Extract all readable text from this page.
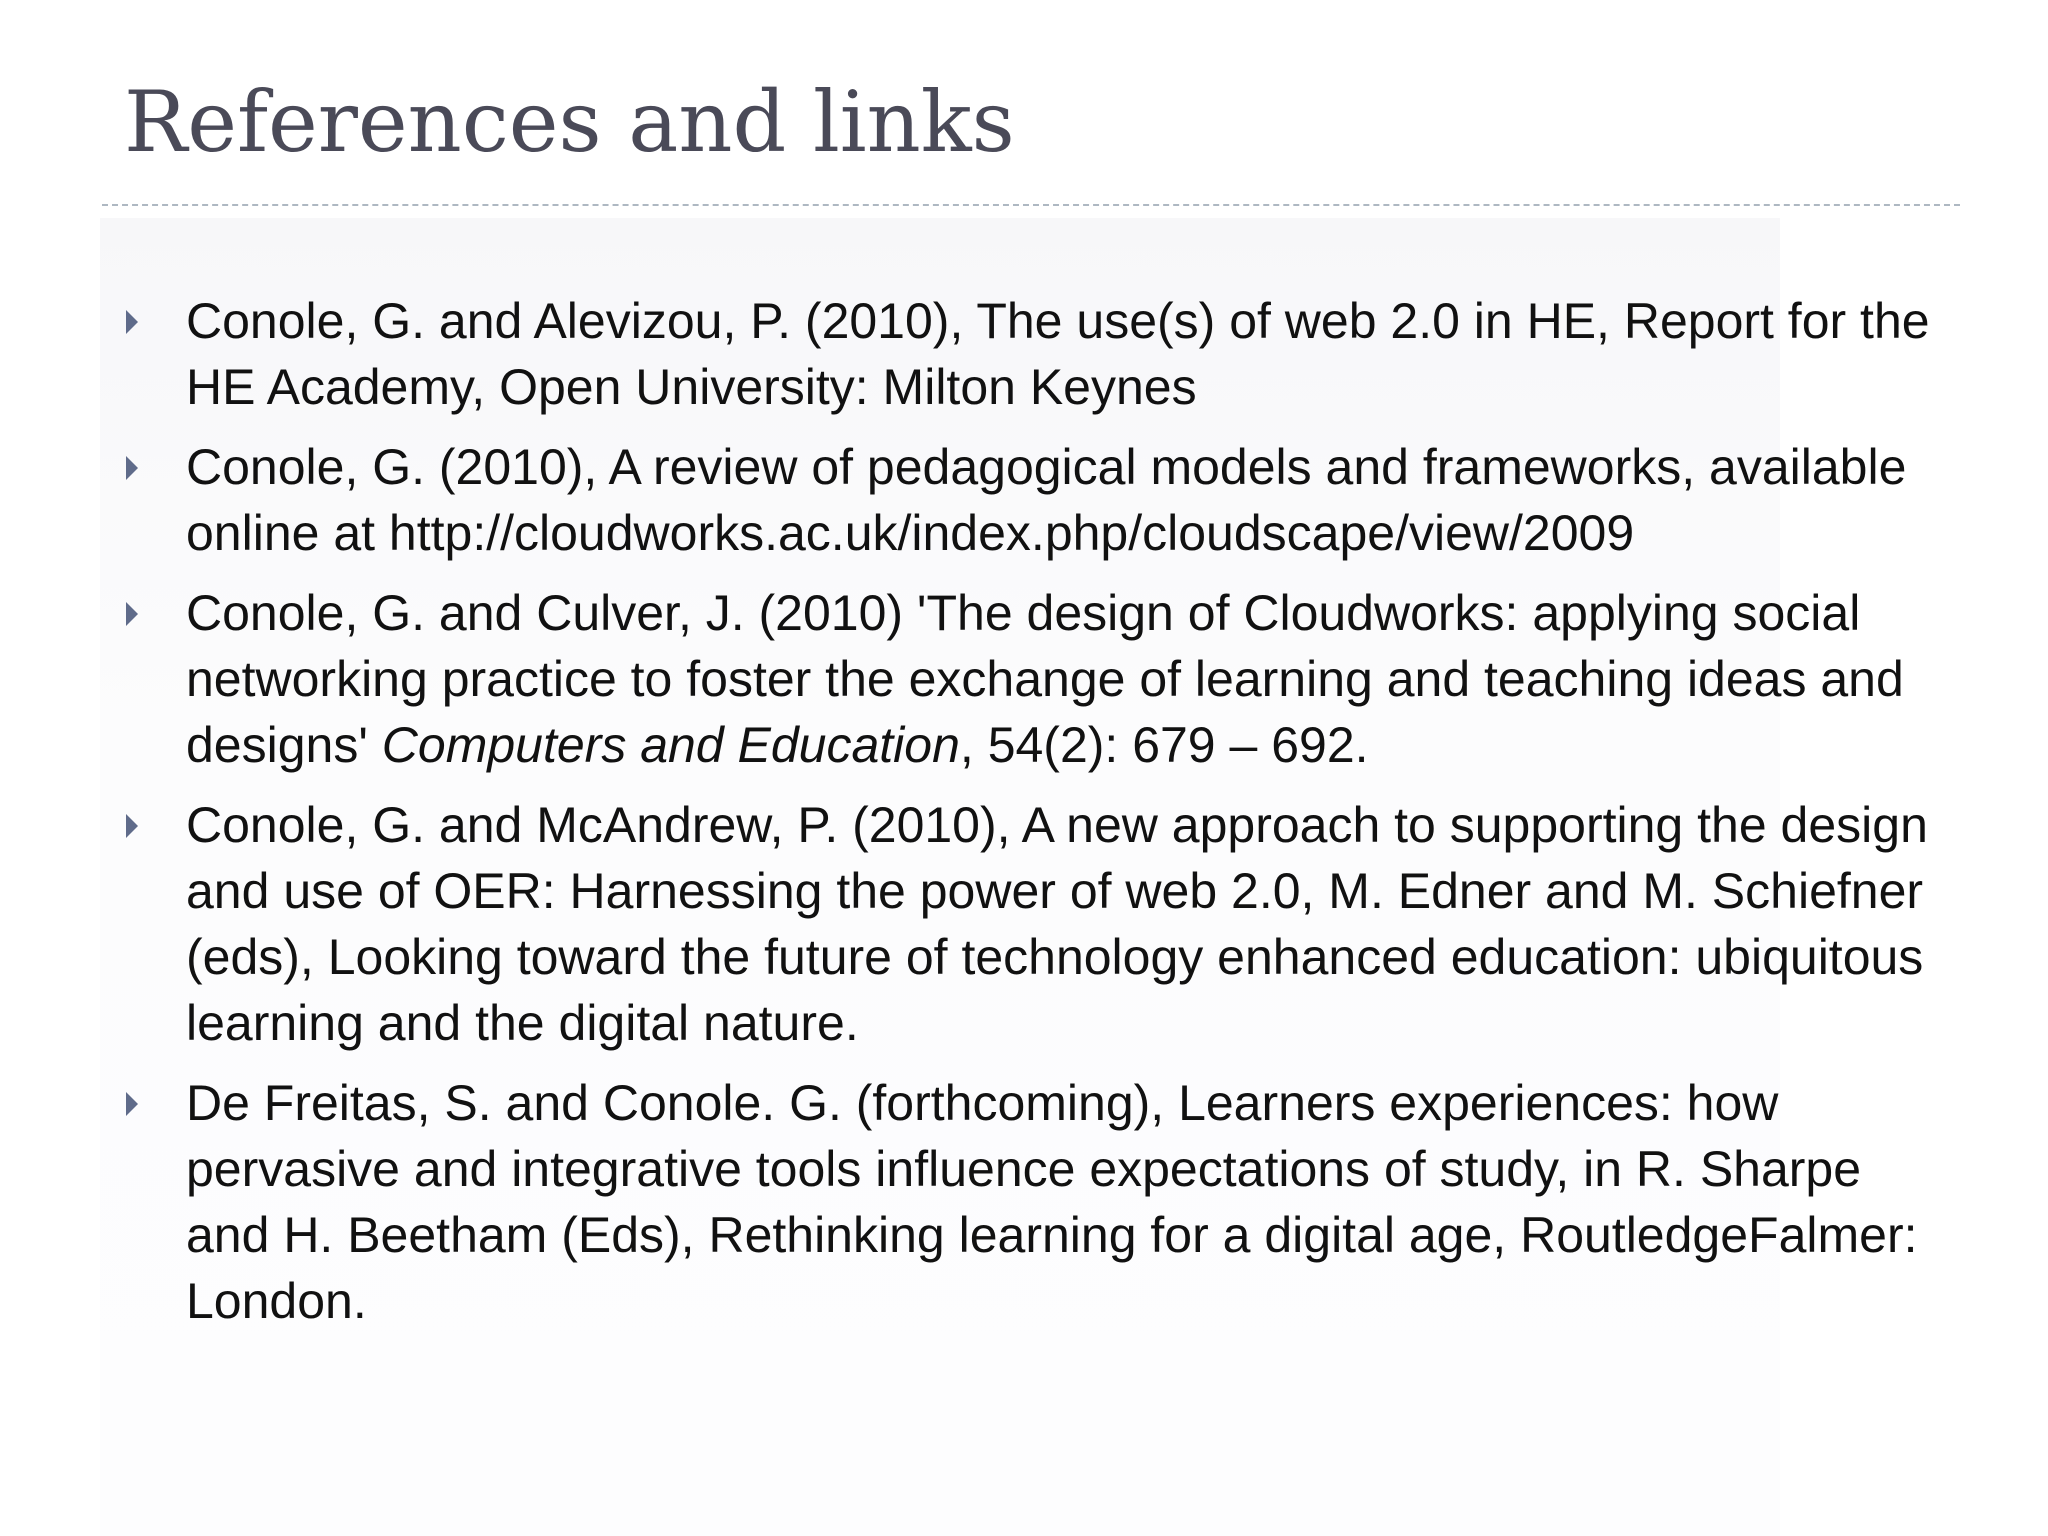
References and links
Conole, G. and Alevizou, P. (2010), The use(s) of web 2.0 in HE, Report for the HE Academy, Open University: Milton Keynes
Conole, G. (2010), A review of pedagogical models and frameworks, available online at http://cloudworks.ac.uk/index.php/cloudscape/view/2009
Conole, G. and Culver, J. (2010) 'The design of Cloudworks: applying social networking practice to foster the exchange of learning and teaching ideas and designs' Computers and Education, 54(2): 679 – 692.
Conole, G. and McAndrew, P. (2010), A new approach to supporting the design and use of OER: Harnessing the power of web 2.0, M. Edner and M. Schiefner (eds), Looking toward the future of technology enhanced education: ubiquitous learning and the digital nature.
De Freitas, S. and Conole. G. (forthcoming), Learners experiences: how pervasive and integrative tools influence expectations of study, in R. Sharpe and H. Beetham (Eds), Rethinking learning for a digital age, RoutledgeFalmer: London.
